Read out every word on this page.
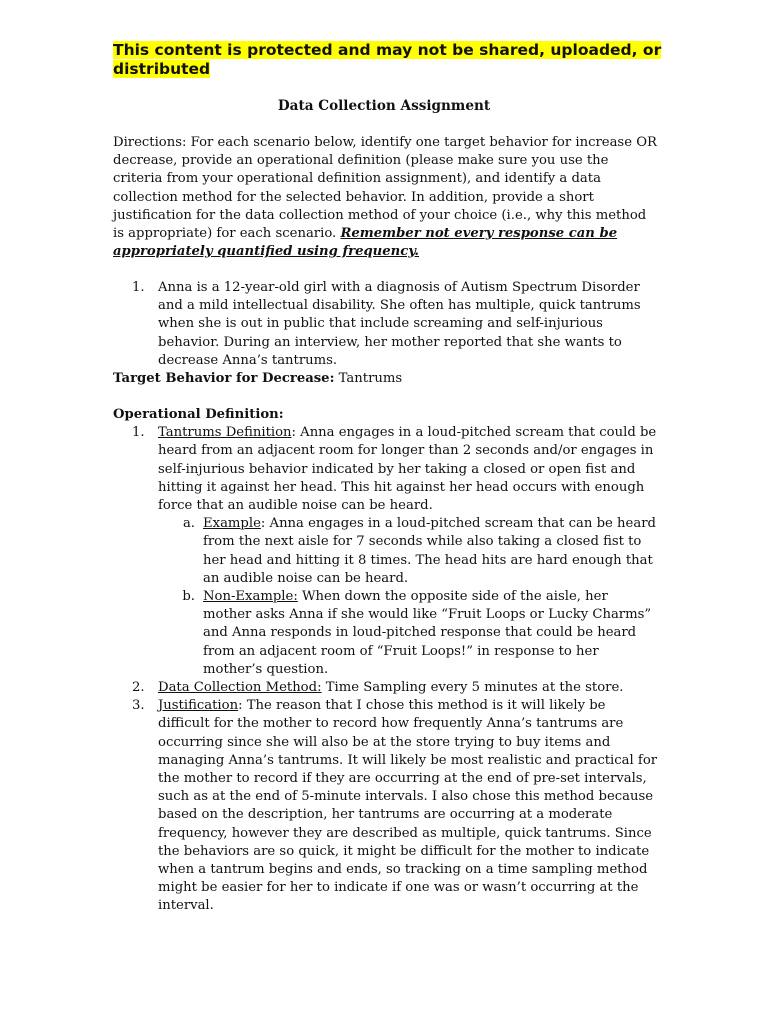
This content is protected and may not be shared, uploaded, or distributed
Data Collection Assignment
Directions: For each scenario below, identify one target behavior for increase OR decrease, provide an operational definition (please make sure you use the criteria from your operational definition assignment), and identify a data collection method for the selected behavior. In addition, provide a short justification for the data collection method of your choice (i.e., why this method is appropriate) for each scenario. Remember not every response can be appropriately quantified using frequency.
1.	Anna is a 12-year-old girl with a diagnosis of Autism Spectrum Disorder and a mild intellectual disability. She often has multiple, quick tantrums when she is out in public that include screaming and self-injurious behavior. During an interview, her mother reported that she wants to decrease Anna’s tantrums.
Target Behavior for Decrease: Tantrums
Operational Definition:
1.	Tantrums Definition: Anna engages in a loud-pitched scream that could be heard from an adjacent room for longer than 2 seconds and/or engages in self-injurious behavior indicated by her taking a closed or open fist and hitting it against her head. This hit against her head occurs with enough force that an audible noise can be heard.
a. Example: Anna engages in a loud-pitched scream that can be heard from the next aisle for 7 seconds while also taking a closed fist to her head and hitting it 8 times. The head hits are hard enough that an audible noise can be heard.
b. Non-Example: When down the opposite side of the aisle, her mother asks Anna if she would like “Fruit Loops or Lucky Charms” and Anna responds in loud-pitched response that could be heard from an adjacent room of “Fruit Loops!” in response to her mother’s question.
2.	Data Collection Method: Time Sampling every 5 minutes at the store.
3.	Justification: The reason that I chose this method is it will likely be difficult for the mother to record how frequently Anna’s tantrums are occurring since she will also be at the store trying to buy items and managing Anna’s tantrums. It will likely be most realistic and practical for the mother to record if they are occurring at the end of pre-set intervals, such as at the end of 5-minute intervals. I also chose this method because based on the description, her tantrums are occurring at a moderate frequency, however they are described as multiple, quick tantrums. Since the behaviors are so quick, it might be difficult for the mother to indicate when a tantrum begins and ends, so tracking on a time sampling method might be easier for her to indicate if one was or wasn’t occurring at the interval.
